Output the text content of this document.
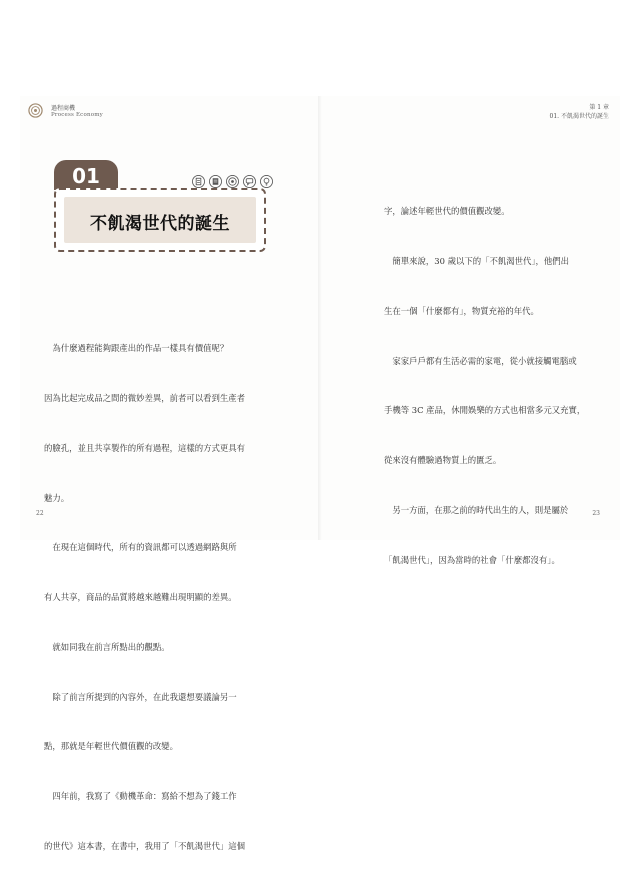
過程商機
Process Economy
01
不飢渴世代的誕生

　為什麼過程能夠跟產出的作品一樣具有價值呢？

因為比起完成品之間的微妙差異，前者可以看到生產者

的臉孔，並且共享製作的所有過程，這樣的方式更具有

魅力。

　在現在這個時代，所有的資訊都可以透過網路與所

有人共享，商品的品質將越來越難出現明顯的差異。

　就如同我在前言所點出的觀點。

　除了前言所提到的內容外，在此我還想要議論另一

點，那就是年輕世代價值觀的改變。

　四年前，我寫了《動機革命：寫給不想為了錢工作

的世代》這本書，在書中，我用了「不飢渴世代」這個

22
第 1 章
01. 不飢渴世代的誕生

字，論述年輕世代的價值觀改變。

　簡單來說，30 歲以下的「不飢渴世代」，他們出

生在一個「什麼都有」，物質充裕的年代。

　家家戶戶都有生活必需的家電，從小就接觸電腦或

手機等 3C 產品，休閒娛樂的方式也相當多元又充實，

從來沒有體驗過物質上的匱乏。

　另一方面，在那之前的時代出生的人，則是屬於

「飢渴世代」，因為當時的社會「什麼都沒有」。

23
